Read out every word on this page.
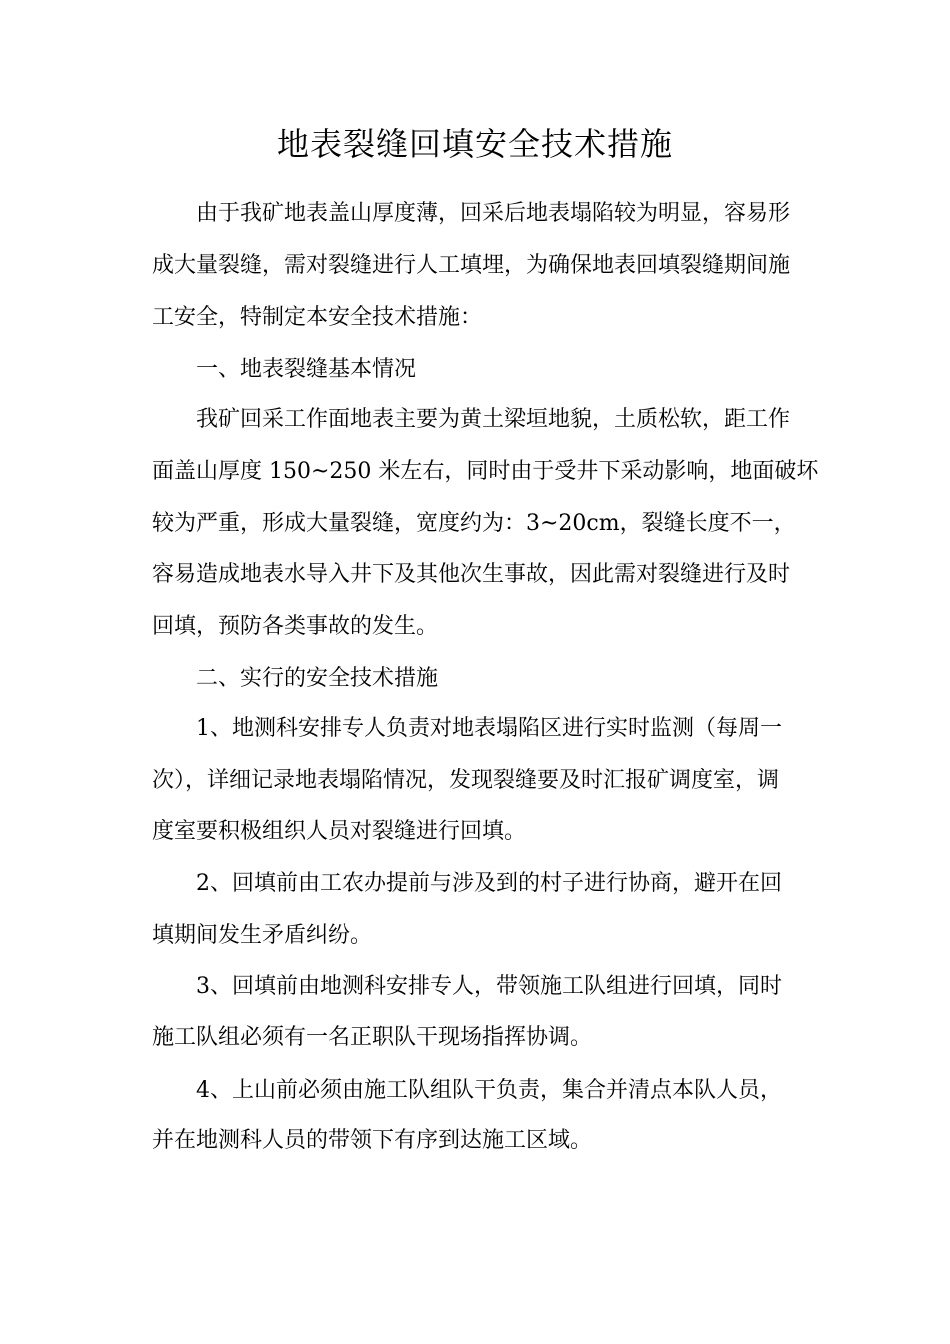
地表裂缝回填安全技术措施

由于我矿地表盖山厚度薄，回采后地表塌陷较为明显，容易形

成大量裂缝，需对裂缝进行人工填埋，为确保地表回填裂缝期间施

工安全，特制定本安全技术措施：

一、地表裂缝基本情况

我矿回采工作面地表主要为黄土梁垣地貌，土质松软，距工作

面盖山厚度 150~250 米左右，同时由于受井下采动影响，地面破坏

较为严重，形成大量裂缝，宽度约为：3~20cm，裂缝长度不一，

容易造成地表水导入井下及其他次生事故，因此需对裂缝进行及时

回填，预防各类事故的发生。

二、实行的安全技术措施

1、地测科安排专人负责对地表塌陷区进行实时监测（每周一

次），详细记录地表塌陷情况，发现裂缝要及时汇报矿调度室，调

度室要积极组织人员对裂缝进行回填。

2、回填前由工农办提前与涉及到的村子进行协商，避开在回

填期间发生矛盾纠纷。

3、回填前由地测科安排专人，带领施工队组进行回填，同时

施工队组必须有一名正职队干现场指挥协调。

4、上山前必须由施工队组队干负责，集合并清点本队人员，

并在地测科人员的带领下有序到达施工区域。
